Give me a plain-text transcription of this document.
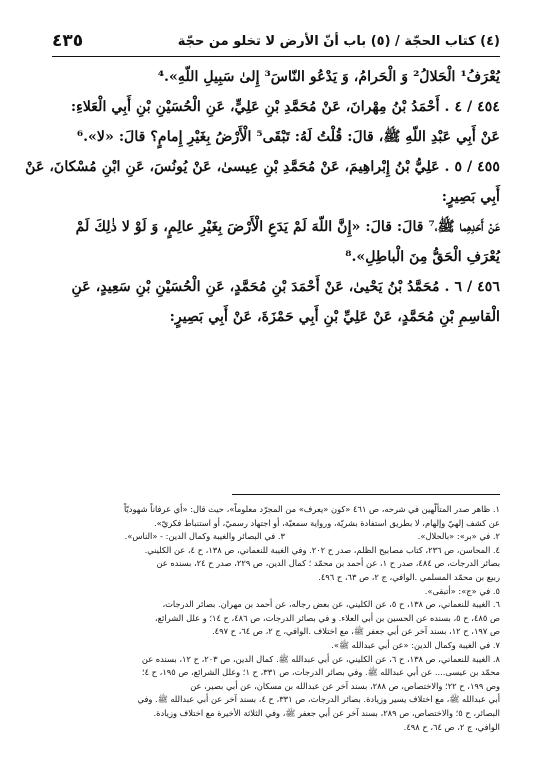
(٤) كتاب الحجّة / (٥) باب أنّ الأرض لا تخلو من حجّة
٤٣٥

يُعْرَفُ¹ الْحَلالُ² وَ الْحَرامُ، وَ يَدْعُو النّاسَ³ إِلىٰ سَبِيلِ اللّهِ».⁴

٤٥٤ / ٤ . أَحْمَدُ بْنُ مِهْرانَ، عَنْ مُحَمَّدِ بْنِ عَلِيٍّ، عَنِ الْحُسَيْنِ بْنِ أَبِي الْعَلاءِ:
عَنْ أَبِي عَبْدِ اللّهِ ﷺ، قالَ: قُلْتُ لَهُ: تَبْقَى⁵ الْأَرْضُ بِغَيْرِ إِمامٍ؟ قالَ: «لا».⁶

٤٥٥ / ٥ . عَلِيُّ بْنُ إِبْراهِيمَ، عَنْ مُحَمَّدِ بْنِ عِيسىٰ، عَنْ يُونُسَ، عَنِ ابْنِ مُسْكانَ، عَنْ
أَبِي بَصِيرٍ:

عَنْ أَحَدِهِما ﷺ،⁷ قالَ: قالَ: «إِنَّ اللّهَ لَمْ يَدَعِ الْأَرْضَ بِغَيْرِ عالِمٍ، وَ لَوْ لا ذٰلِكَ لَمْ
يُعْرَفِ الْحَقُّ مِنَ الْباطِلِ».⁸

٤٥٦ / ٦ . مُحَمَّدُ بْنُ يَحْيىٰ، عَنْ أَحْمَدَ بْنِ مُحَمَّدٍ، عَنِ الْحُسَيْنِ بْنِ سَعِيدٍ، عَنِ
الْقاسِمِ بْنِ مُحَمَّدٍ، عَنْ عَلِيِّ بْنِ أَبِي حَمْزَةَ، عَنْ أَبِي بَصِيرٍ:

١. ظاهر صدر المتألّهين في شرحه، ص ٤٦١ «كون «يعرف» من المجرّد معلوماً»، حيث قال: «أي عرفاناً شهوديّاً
عن كشف إلهيّ وإلهام، لا بطريق استفادة بشريّة، ورواية سمعيّة، أو اجتهاد رسميّ، أو استنباط فكريّ».
٢. في «بر»: «بالحلال».
٣. في البصائر والغيبة وكمال الدين: - «الناس».
٤. المحاسن، ص ٢٣٦، كتاب مصابيح الظلم، صدر ح ٢٠٢. وفي الغيبة للنعماني، ص ١٣٨، ح ٤، عن الكليني.
بصائر الدرجات، ص ٤٨٤، صدر ح ١، عن أحمد بن محمّد ؛ كمال الدين، ص ٢٢٩، صدر ح ٢٤، بسنده عن
ربيع بن محمّد المسلمي .الوافي، ج ٢، ص ٦٣، ح ٤٩٦.
٥. في «ج»: «أتبقى».
٦. الغيبة للنعماني، ص ١٣٨، ح ٥، عن الكليني، عن بعض رجاله، عن أحمد بن مهران. بصائر الدرجات،
ص ٤٨٥، ح ٥، بسنده عن الحسين بن أبي العلاء. و في بصائر الدرجات، ص ٤٨٦، ح ١٤؛ و علل الشرائع،
ص ١٩٧، ح ١٢، بسند آخر عن أبي جعفر ﷺ، مع اختلاف .الوافي، ج ٢، ص ٦٤، ح ٤٩٧.
٧. في الغيبة وكمال الدين: «عن أبي عبدالله ﷺ».
٨. الغيبة للنعماني، ص ١٣٨، ح ٦، عن الكليني، عن أبي عبدالله ﷺ. كمال الدين، ص ٢٠٣، ح ١٢، بسنده عن
محمّد بن عيسى.... عن أبي عبدالله ﷺ. وفي بصائر الدرجات، ص ٣٣١، ح ١؛ وعلل الشرائع، ص ١٩٥، ح ٤؛
وص ١٩٩، ح ٢٢؛ والاختصاص، ص ٢٨٨، بسند آخر عن عبدالله بن مسكان، عن أبي بصير، عن
أبي عبدالله ﷺ، مع اختلاف يسير وزيادة. بصائر الدرجات، ص ٣٣١، ح ٤، بسند آخر عن أبي عبدالله ﷺ. وفي
البصائر، ح ٥؛ والاختصاص، ص ٢٨٩، بسند آخر عن أبي جعفر ﷺ، وفي الثلاثة الأخيرة مع اختلاف وزيادة.
الوافي، ج ٢، ص ٦٤، ح ٤٩٨.
